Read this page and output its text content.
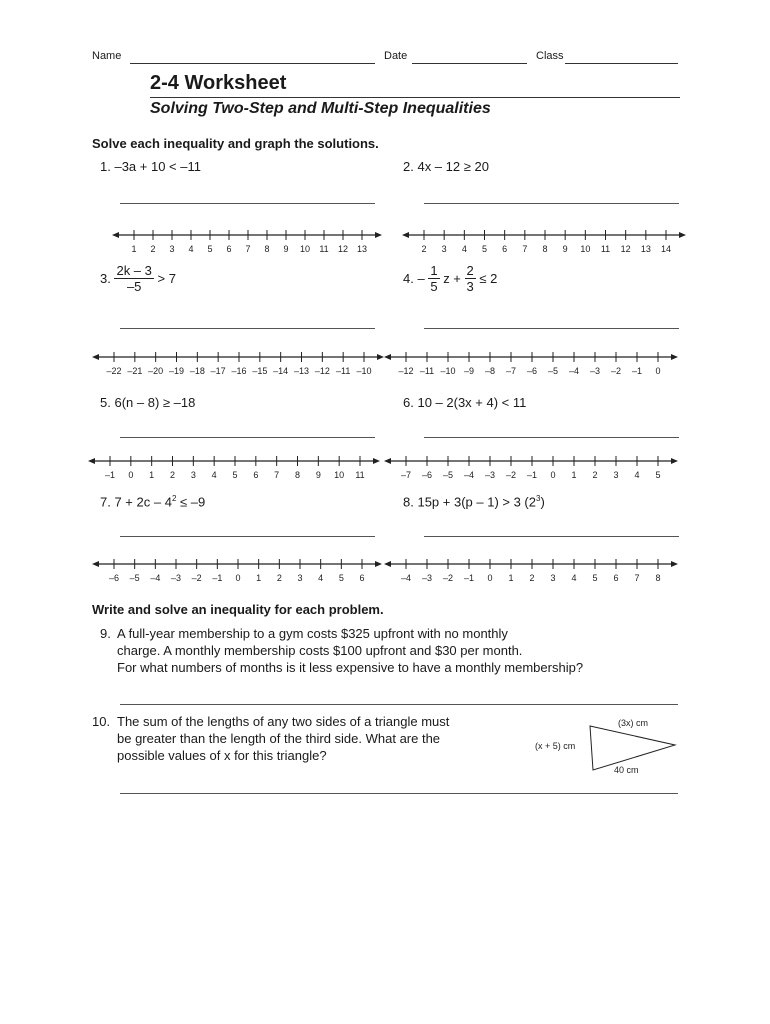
Name	Date	Class
2-4 Worksheet
Solving Two-Step and Multi-Step Inequalities
Solve each inequality and graph the solutions.
1. –3a + 10 < –11	2. 4x – 12 ≥ 20
3. $\frac{2k - 3}{-5} > 7$	4. – $\frac{1}{5}$ $z + \frac{2}{3} \le 2$
5. 6(n – 8) ≥ –18	6. 10 – 2(3x + 4) < 11
7. $7 + 2c - 4^2 \le -9$	8. 15p + 3(p – 1) > 3 $(2^3)$
1 2 3 4 5 6 7 8 9 10 11 12 13	2 3 4 5 6 7 8 9 10 11 12 13 14
–22 –21 –20 –19 –18 –17 –16 –15 –14 –13 –12 –11 –10	–12 –11 –10 –9 –8 –7 –6 –5 –4 –3 –2 –1 0
–1 0 1 2 3 4 5 6 7 8 9 10 11	–7 –6 –5 –4 –3 –2 –1 0 1 2 3 4 5
–6 –5 –4 –3 –2 –1 0 1 2 3 4 5 6	–4 –3 –2 –1 0 1 2 3 4 5 6 7 8
Write and solve an inequality for each problem.
9. A full-year membership to a gym costs $325 upfront with no monthly
charge. A monthly membership costs $100 upfront and $30 per month.
For what numbers of months is it less expensive to have a monthly membership?
10. The sum of the lengths of any two sides of a triangle must
be greater than the length of the third side. What are the
possible values of x for this triangle?
(3x) cm
(x + 5) cm
40 cm
